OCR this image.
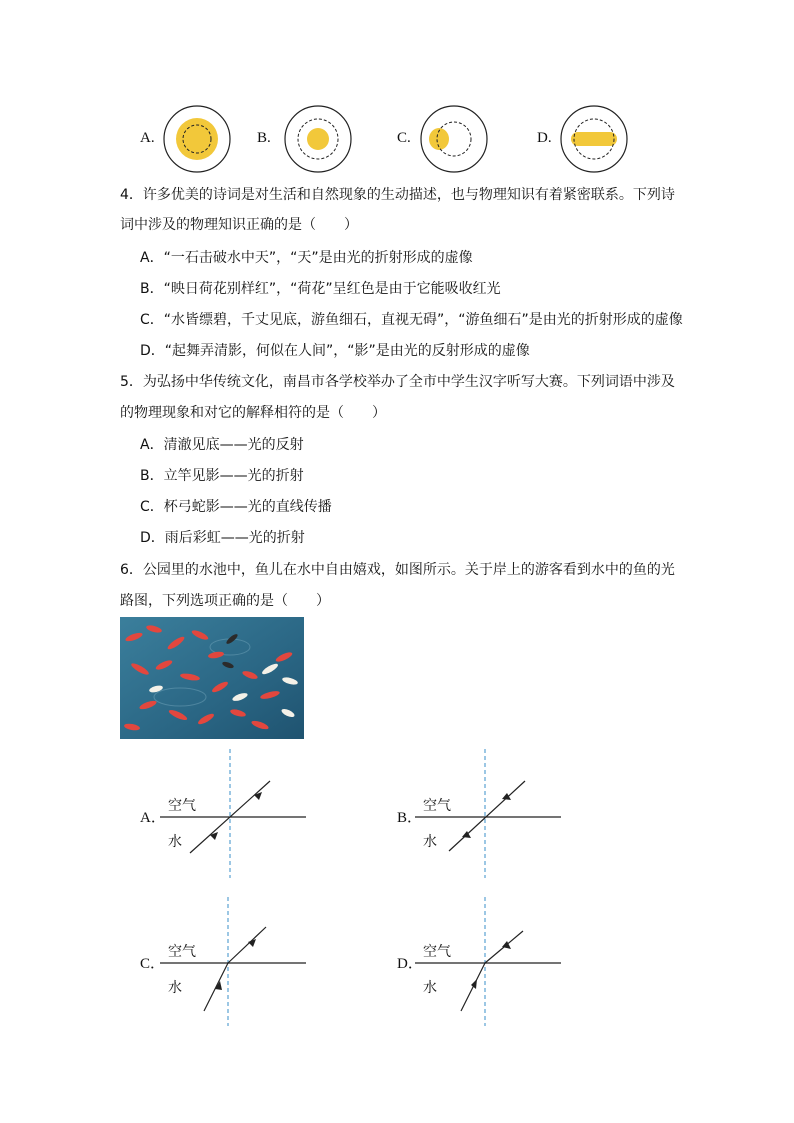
A.	B.	C.	D.
4．许多优美的诗词是对生活和自然现象的生动描述，也与物理知识有着紧密联系。下列诗
词中涉及的物理知识正确的是（　　）
A．“一石击破水中天”，“天”是由光的折射形成的虚像
B．“映日荷花别样红”，“荷花”呈红色是由于它能吸收红光
C．“水皆缥碧，千丈见底，游鱼细石，直视无碍”，“游鱼细石”是由光的折射形成的虚像
D．“起舞弄清影，何似在人间”，“影”是由光的反射形成的虚像
5．为弘扬中华传统文化，南昌市各学校举办了全市中学生汉字听写大赛。下列词语中涉及
的物理现象和对它的解释相符的是（　　）
A．清澈见底——光的反射
B．立竿见影——光的折射
C．杯弓蛇影——光的直线传播
D．雨后彩虹——光的折射
6．公园里的水池中，鱼儿在水中自由嬉戏，如图所示。关于岸上的游客看到水中的鱼的光
路图，下列选项正确的是（　　）
A．
空气
水
B．
空气
水
C．
空气
水
D．
空气
水
